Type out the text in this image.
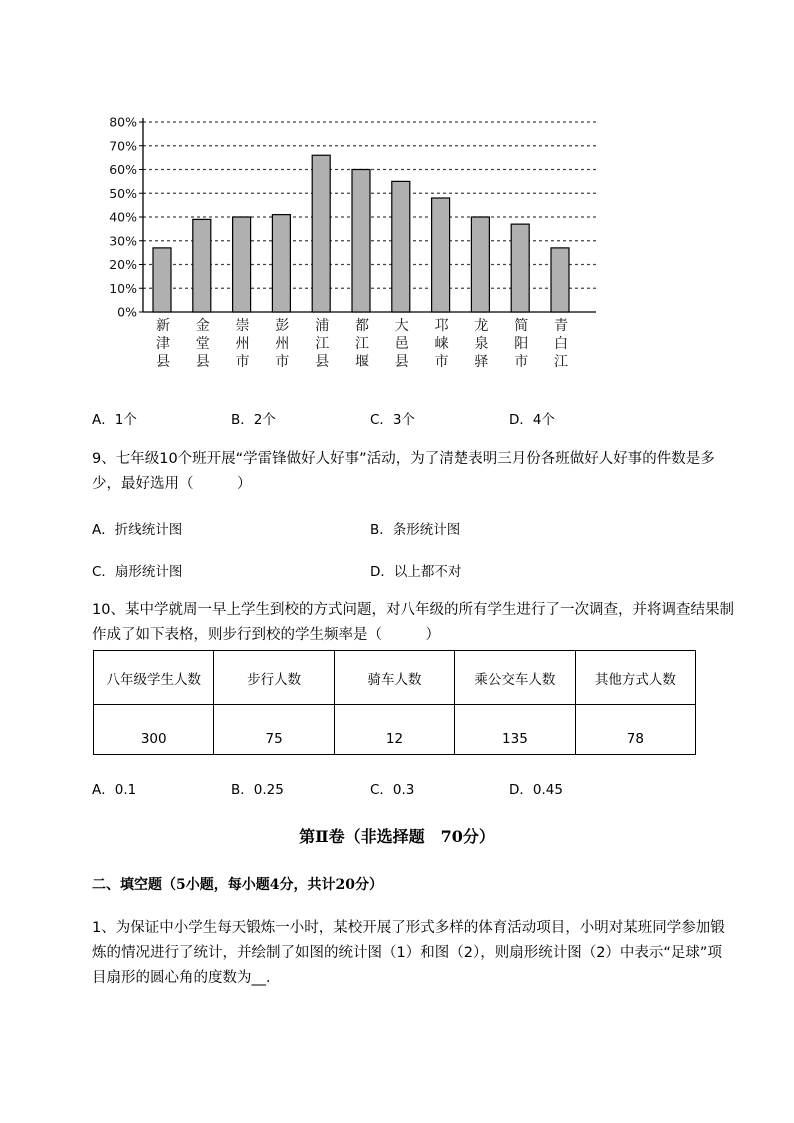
0%
10%
20%
30%
40%
50%
60%
70%
80%
新津县
金堂县
崇州市
彭州市
浦江县
都江堰
大邑县
邛崃市
龙泉驿
简阳市
青白江
A．1个	B．2个	C．3个	D．4个
9、七年级10个班开展“学雷锋做好人好事”活动，为了清楚表明三月份各班做好人好事的件数是多
少，最好选用（　　　）
A．折线统计图	B．条形统计图
C．扇形统计图	D．以上都不对
10、某中学就周一早上学生到校的方式问题，对八年级的所有学生进行了一次调查，并将调查结果制
作成了如下表格，则步行到校的学生频率是（　　　）
八年级学生人数	步行人数	骑车人数	乘公交车人数	其他方式人数
300	75	12	135	78
A．0.1	B．0.25	C．0.3	D．0.45
第Ⅱ卷（非选择题　70分）
二、填空题（5小题，每小题4分，共计20分）
1、为保证中小学生每天锻炼一小时，某校开展了形式多样的体育活动项目，小明对某班同学参加锻
炼的情况进行了统计，并绘制了如图的统计图（1）和图（2），则扇形统计图（2）中表示“足球”项
目扇形的圆心角的度数为__．
